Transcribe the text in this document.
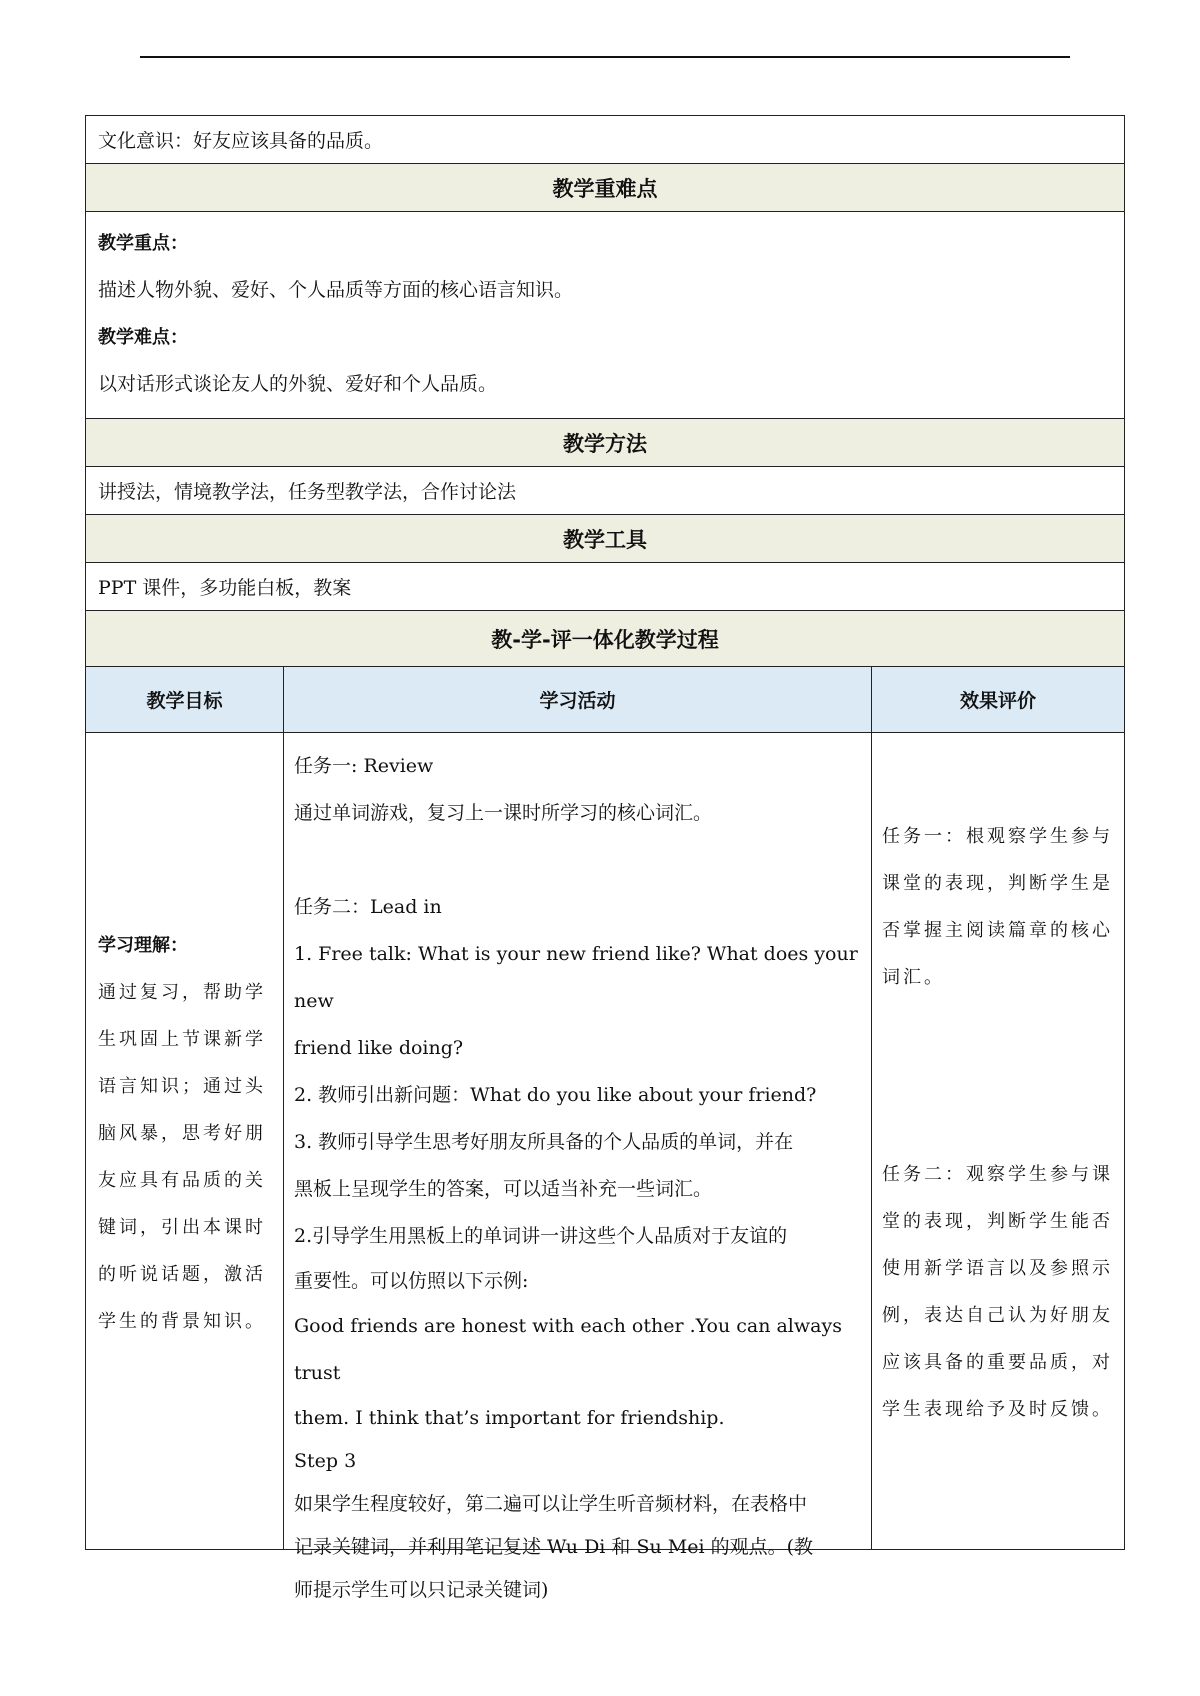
文化意识：好友应该具备的品质。
教学重难点

教学重点：

描述人物外貌、爱好、个人品质等方面的核心语言知识。

教学难点：

以对话形式谈论友人的外貌、爱好和个人品质。

教学方法
讲授法，情境教学法，任务型教学法，合作讨论法
教学工具
PPT 课件，多功能白板，教案
教-学-评一体化教学过程
教学目标	学习活动	效果评价
学习理解：
通过复习，帮助学生巩固上节课新学语言知识；通过头脑风暴，思考好朋友应具有品质的关键词，引出本课时的听说话题，激活学生的背景知识。

任务一: Review

通过单词游戏，复习上一课时所学习的核心词汇。

任务二：Lead in

1. Free talk: What is your new friend like? What does your new

friend like doing?

2. 教师引出新问题：What do you like about your friend?

3. 教师引导学生思考好朋友所具备的个人品质的单词，并在

黑板上呈现学生的答案，可以适当补充一些词汇。

2.引导学生用黑板上的单词讲一讲这些个人品质对于友谊的

重要性。可以仿照以下示例:

Good friends are honest with each other .You can always trust

them. I think that’s important for friendship.

Step 3

如果学生程度较好，第二遍可以让学生听音频材料，在表格中

记录关键词，并利用笔记复述 Wu Di 和 Su Mei 的观点。(教

师提示学生可以只记录关键词)

任务一：根观察学生参与课堂的表现，判断学生是否掌握主阅读篇章的核心词汇。

任务二：观察学生参与课堂的表现，判断学生能否使用新学语言以及参照示例，表达自己认为好朋友应该具备的重要品质，对学生表现给予及时反馈。
